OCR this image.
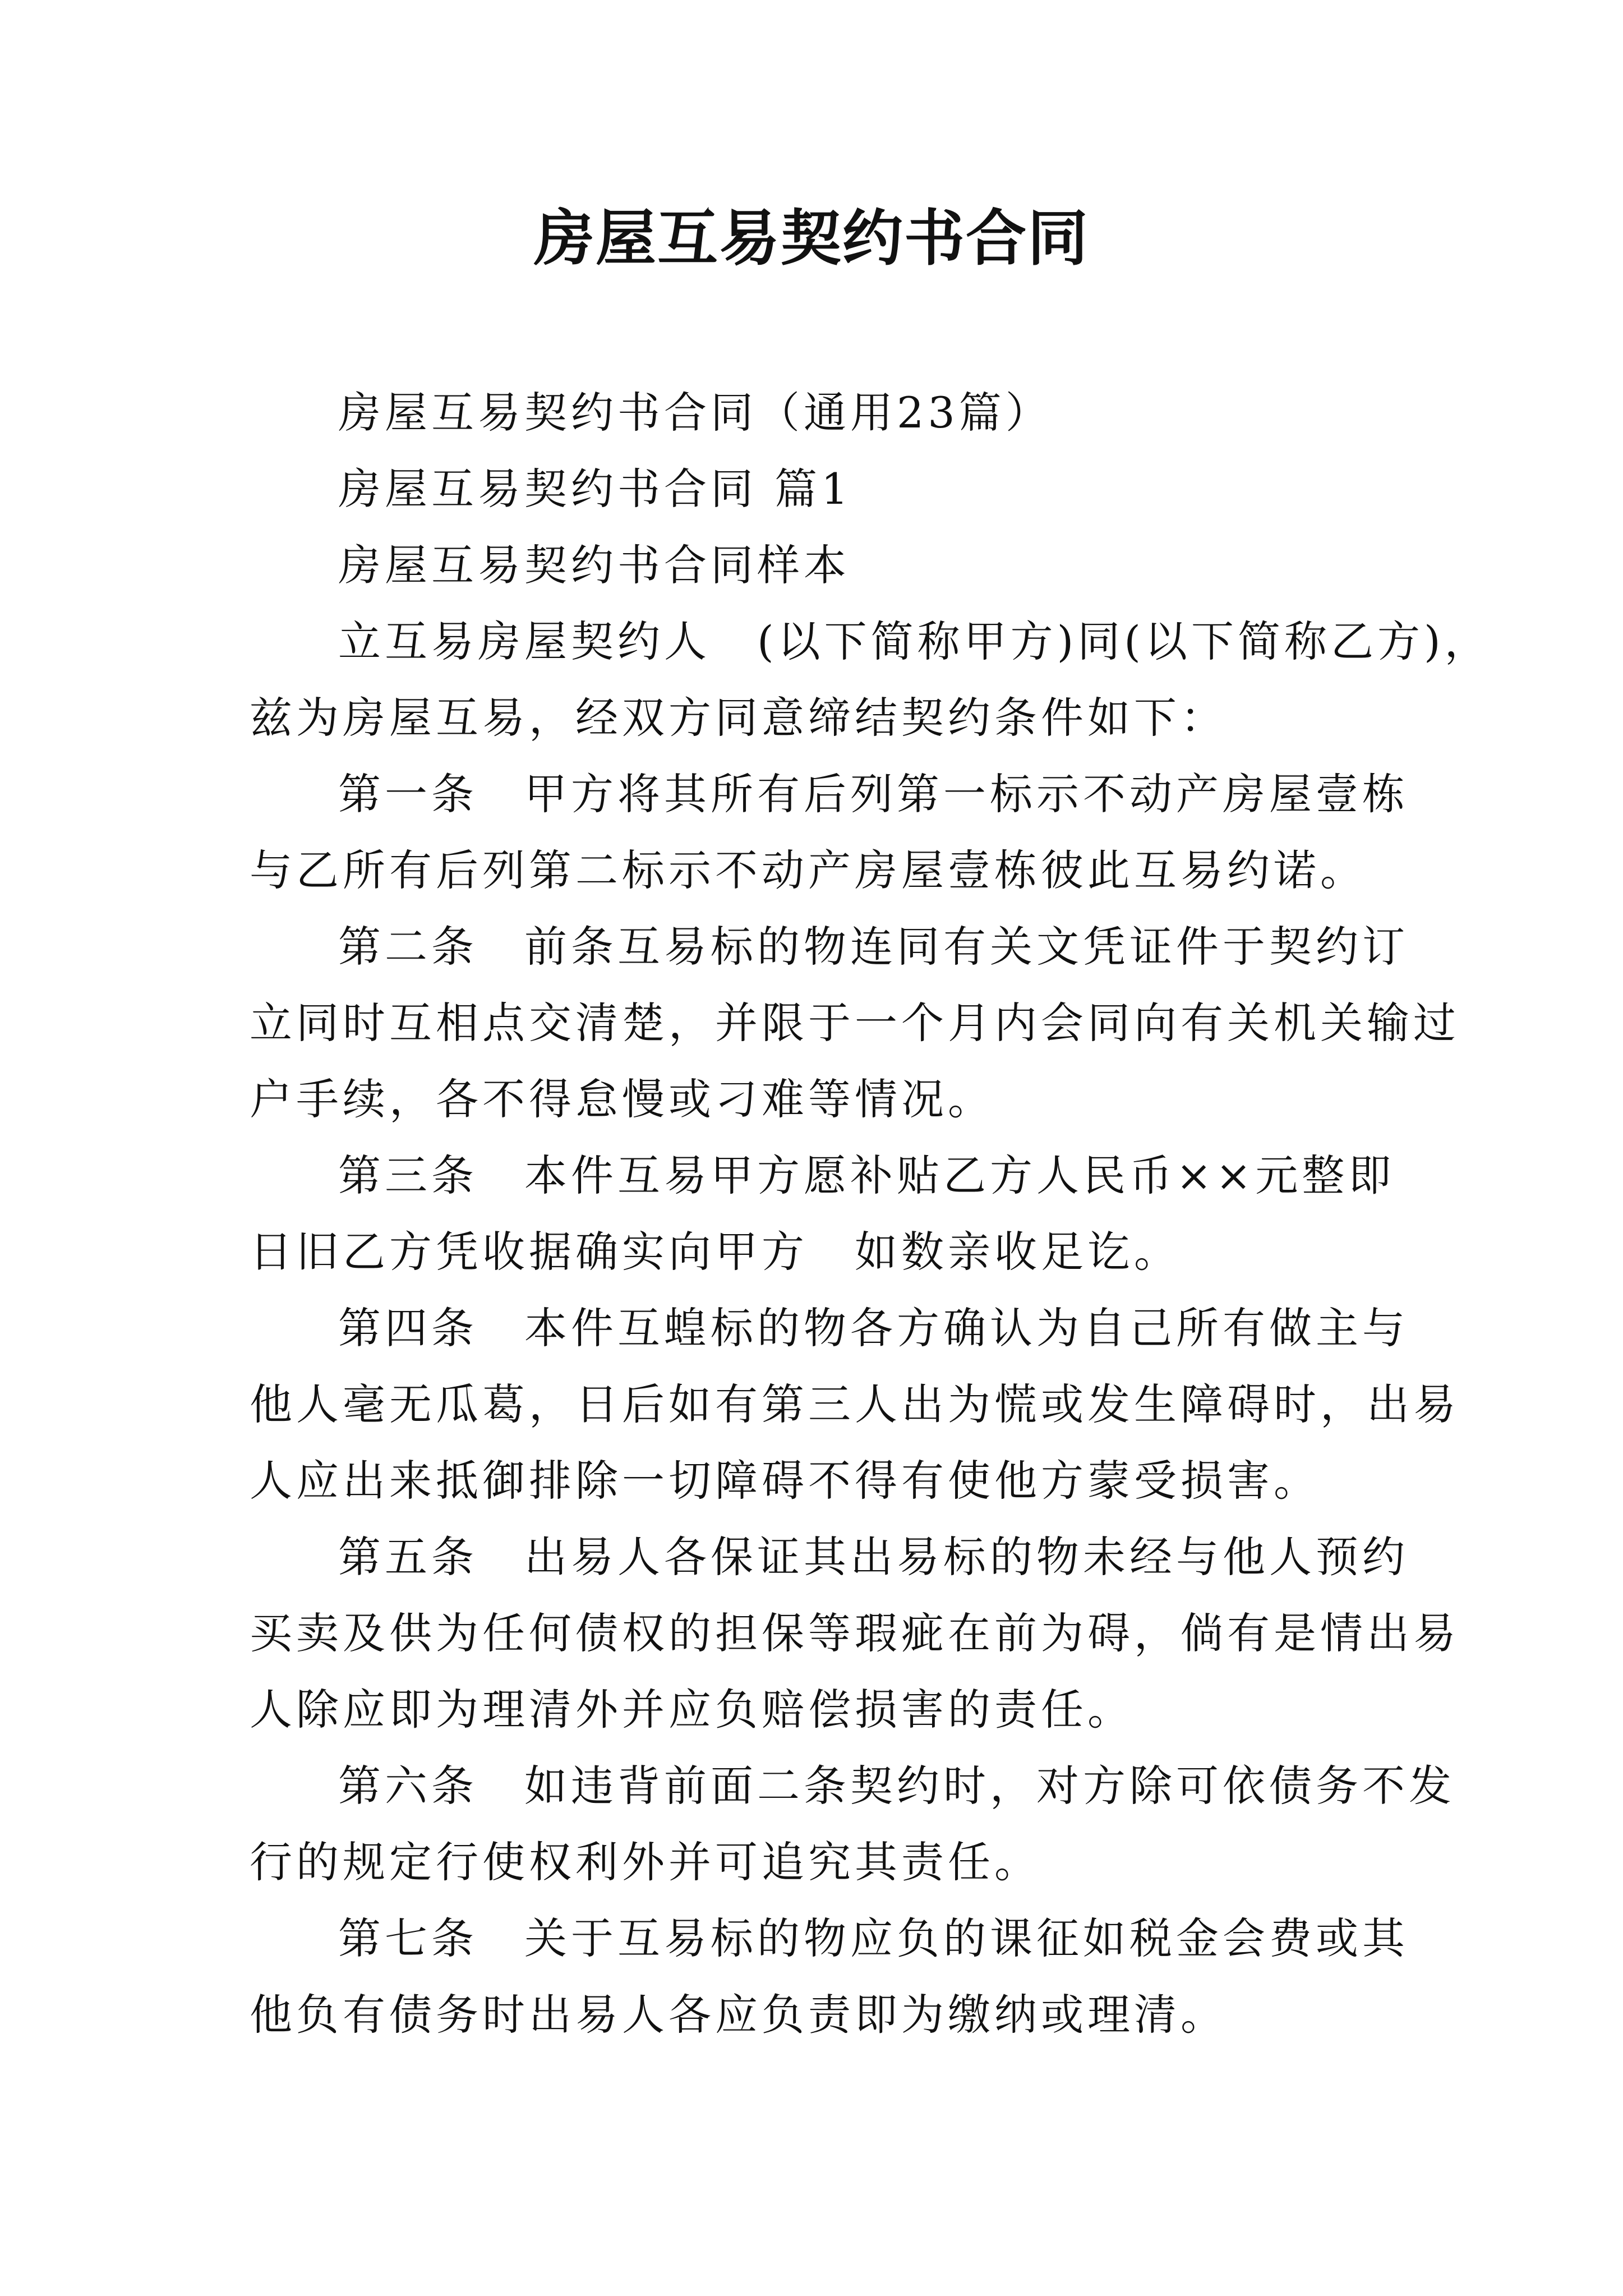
房屋互易契约书合同
房屋互易契约书合同（通用23篇）
房屋互易契约书合同 篇1
房屋互易契约书合同样本
立互易房屋契约人　(以下简称甲方)同(以下简称乙方)，
兹为房屋互易，经双方同意缔结契约条件如下：
第一条　甲方将其所有后列第一标示不动产房屋壹栋
与乙所有后列第二标示不动产房屋壹栋彼此互易约诺。
第二条　前条互易标的物连同有关文凭证件于契约订
立同时互相点交清楚，并限于一个月内会同向有关机关输过
户手续，各不得怠慢或刁难等情况。
第三条　本件互易甲方愿补贴乙方人民币××元整即
日旧乙方凭收据确实向甲方　如数亲收足讫。
第四条　本件互蝗标的物各方确认为自己所有做主与
他人毫无瓜葛，日后如有第三人出为慌或发生障碍时，出易
人应出来抵御排除一切障碍不得有使他方蒙受损害。
第五条　出易人各保证其出易标的物未经与他人预约
买卖及供为任何债权的担保等瑕疵在前为碍，倘有是情出易
人除应即为理清外并应负赔偿损害的责任。
第六条　如违背前面二条契约时，对方除可依债务不发
行的规定行使权利外并可追究其责任。
第七条　关于互易标的物应负的课征如税金会费或其
他负有债务时出易人各应负责即为缴纳或理清。
